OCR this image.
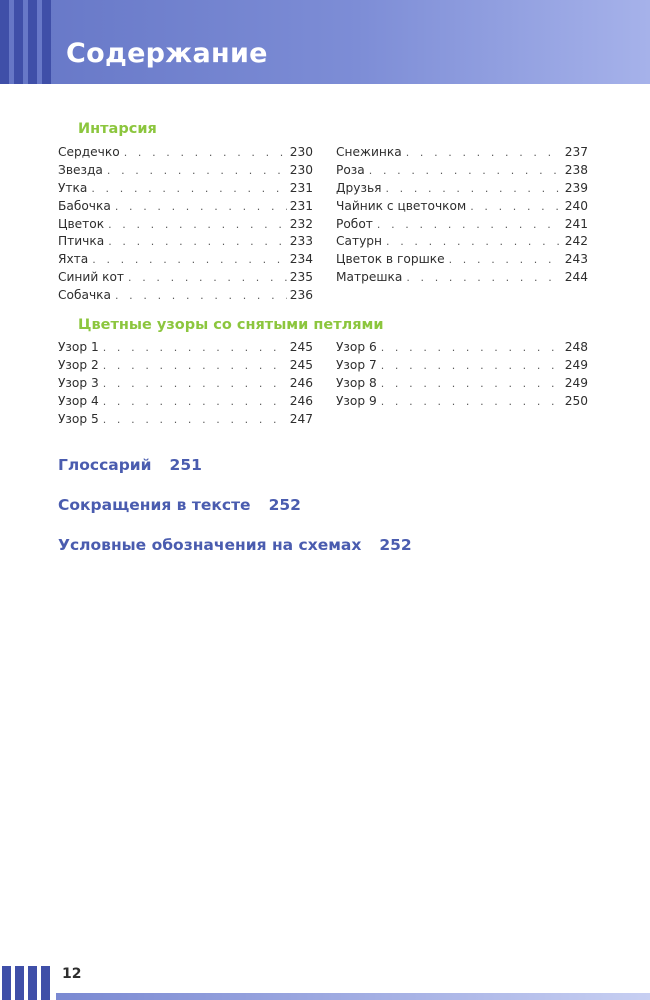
Содержание
Интарсия
Сердечко . . .	230
Звезда . . .	230
Утка . . .	231
Бабочка . . .	231
Цветок . . .	232
Птичка . . .	233
Яхта . . .	234
Синий кот . . .	235
Собачка . . .	236
Снежинка . . .	237
Роза . . .	238
Друзья . . .	239
Чайник с цветочком . . .	240
Робот . . .	241
Сатурн . . .	242
Цветок в горшке . . .	243
Матрешка . . .	244
Цветные узоры со снятыми петлями
Узор 1 . . .	245
Узор 2 . . .	245
Узор 3 . . .	246
Узор 4 . . .	246
Узор 5 . . .	247
Узор 6 . . .	248
Узор 7 . . .	249
Узор 8 . . .	249
Узор 9 . . .	250
Глоссарий 251
Сокращения в тексте 252
Условные обозначения на схемах 252
12
